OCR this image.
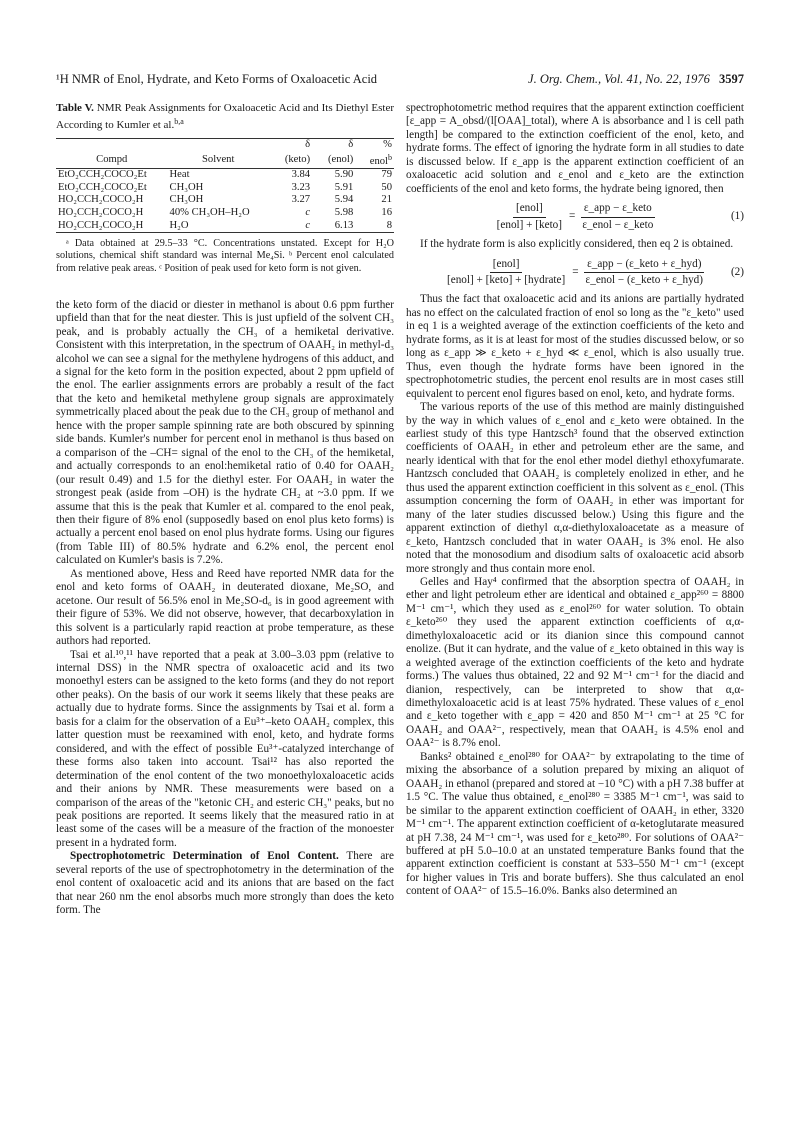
¹H NMR of Enol, Hydrate, and Keto Forms of Oxaloacetic Acid	J. Org. Chem., Vol. 41, No. 22, 1976 3597
Table V. NMR Peak Assignments for Oxaloacetic Acid and Its Diethyl Ester According to Kumler et al.$^{b,a}$
		δ	δ	%
Compd	Solvent	(keto)	(enol)	enol$^b$
EtO₂CCH₂COCO₂Et	Heat	3.84	5.90	79
EtO₂CCH₂COCO₂Et	CH₃OH	3.23	5.91	50
HO₂CCH₂COCO₂H	CH₃OH	3.27	5.94	21
HO₂CCH₂COCO₂H	40% CH₃OH–H₂O	c	5.98	16
HO₂CCH₂COCO₂H	H₂O	c	6.13	8
ᵃ Data obtained at 29.5–33 °C. Concentrations unstated. Except for H₂O solutions, chemical shift standard was internal Me₄Si. ᵇ Percent enol calculated from relative peak areas. ᶜ Position of peak used for keto form is not given.

the keto form of the diacid or diester in methanol is about 0.6 ppm further upfield than that for the neat diester. This is just upfield of the solvent CH₃ peak, and is probably actually the CH₃ of a hemiketal derivative. Consistent with this interpretation, in the spectrum of OAAH₂ in methyl-d₃ alcohol we can see a signal for the methylene hydrogens of this adduct, and a signal for the keto form in the position expected, about 2 ppm upfield of the enol. The earlier assignments errors are probably a result of the fact that the keto and hemiketal methylene group signals are approximately symmetrically placed about the peak due to the CH₃ group of methanol and hence with the proper sample spinning rate are both obscured by spinning side bands. Kumler's number for percent enol in methanol is thus based on a comparison of the –CH= signal of the enol to the CH₃ of the hemiketal, and actually corresponds to an enol:hemiketal ratio of 0.40 for OAAH₂ (our result 0.49) and 1.5 for the diethyl ester. For OAAH₂ in water the strongest peak (aside from –OH) is the hydrate CH₂ at ~3.0 ppm. If we assume that this is the peak that Kumler et al. compared to the enol peak, then their figure of 8% enol (supposedly based on enol plus keto forms) is actually a percent enol based on enol plus hydrate forms. Using our figures (from Table III) of 80.5% hydrate and 6.2% enol, the percent enol calculated on Kumler's basis is 7.2%.

As mentioned above, Hess and Reed have reported NMR data for the enol and keto forms of OAAH₂ in deuterated dioxane, Me₂SO, and acetone. Our result of 56.5% enol in Me₂SO-d₆ is in good agreement with their figure of 53%. We did not observe, however, that decarboxylation in this solvent is a particularly rapid reaction at probe temperature, as these authors had reported.

Tsai et al.¹⁰,¹¹ have reported that a peak at 3.00–3.03 ppm (relative to internal DSS) in the NMR spectra of oxaloacetic acid and its two monoethyl esters can be assigned to the keto forms (and they do not report other peaks). On the basis of our work it seems likely that these peaks are actually due to hydrate forms. Since the assignments by Tsai et al. form a basis for a claim for the observation of a Eu³⁺–keto OAAH₂ complex, this latter question must be reexamined with enol, keto, and hydrate forms considered, and with the effect of possible Eu³⁺-catalyzed interchange of these forms also taken into account. Tsai¹² has also reported the determination of the enol content of the two monoethyloxaloacetic acids and their anions by NMR. These measurements were based on a comparison of the areas of the "ketonic CH₂ and esteric CH₃" peaks, but no peak positions are reported. It seems likely that the measured ratio in at least some of the cases will be a measure of the fraction of the monoester present in a hydrated form.

Spectrophotometric Determination of Enol Content. There are several reports of the use of spectrophotometry in the determination of the enol content of oxaloacetic acid and its anions that are based on the fact that near 260 nm the enol absorbs much more strongly than does the keto form. The

spectrophotometric method requires that the apparent extinction coefficient [ε_app = A_obsd/(l[OAA]_total), where A is absorbance and l is cell path length] be compared to the extinction coefficient of the enol, keto, and hydrate forms. The effect of ignoring the hydrate form in all studies to date is discussed below. If ε_app is the apparent extinction coefficient of an oxaloacetic acid solution and ε_enol and ε_keto are the extinction coefficients of the enol and keto forms, the hydrate being ignored, then

$\frac{\text{[enol]}}{\text{[enol] + [keto]}} = \frac{\text{ε\_app − ε\_keto}}{\text{ε\_enol − ε\_keto}}$	(1)

If the hydrate form is also explicitly considered, then eq 2 is obtained.

$\frac{\text{[enol]}}{\text{[enol] + [keto] + [hydrate]}} = \frac{\text{ε\_app − (ε\_keto + ε\_hyd)}}{\text{ε\_enol − (ε\_keto + ε\_hyd)}} (2)$

Thus the fact that oxaloacetic acid and its anions are partially hydrated has no effect on the calculated fraction of enol so long as the "ε_keto" used in eq 1 is a weighted average of the extinction coefficients of the keto and hydrate forms, as it is at least for most of the studies discussed below, or so long as ε_app ≫ ε_keto + ε_hyd ≪ ε_enol, which is also usually true. Thus, even though the hydrate forms have been ignored in the spectrophotometric studies, the percent enol results are in most cases still equivalent to percent enol figures based on enol, keto, and hydrate forms.

The various reports of the use of this method are mainly distinguished by the way in which values of ε_enol and ε_keto were obtained. In the earliest study of this type Hantzsch³ found that the observed extinction coefficients of OAAH₂ in ether and petroleum ether are the same, and nearly identical with that for the enol ether model diethyl ethoxyfumarate. Hantzsch concluded that OAAH₂ is completely enolized in ether, and he thus used the apparent extinction coefficient in this solvent as ε_enol. (This assumption concerning the form of OAAH₂ in ether was important for many of the later studies discussed below.) Using this figure and the apparent extinction of diethyl α,α-diethyloxaloacetate as a measure of ε_keto, Hantzsch concluded that in water OAAH₂ is 3% enol. He also noted that the monosodium and disodium salts of oxaloacetic acid absorb more strongly and thus contain more enol.

Gelles and Hay⁴ confirmed that the absorption spectra of OAAH₂ in ether and light petroleum ether are identical and obtained ε_app²⁶⁰ = 8800 M⁻¹ cm⁻¹, which they used as ε_enol²⁶⁰ for water solution. To obtain ε_keto²⁶⁰ they used the apparent extinction coefficients of α,α-dimethyloxaloacetic acid or its dianion since this compound cannot enolize. (But it can hydrate, and the value of ε_keto obtained in this way is a weighted average of the extinction coefficients of the keto and hydrate forms.) The values thus obtained, 22 and 92 M⁻¹ cm⁻¹ for the diacid and dianion, respectively, can be interpreted to show that α,α-dimethyloxaloacetic acid is at least 75% hydrated. These values of ε_enol and ε_keto together with ε_app = 420 and 850 M⁻¹ cm⁻¹ at 25 °C for OAAH₂ and OAA²⁻, respectively, mean that OAAH₂ is 4.5% enol and OAA²⁻ is 8.7% enol.

Banks² obtained ε_enol²⁸⁰ for OAA²⁻ by extrapolating to the time of mixing the absorbance of a solution prepared by mixing an aliquot of OAAH₂ in ethanol (prepared and stored at −10 °C) with a pH 7.38 buffer at 1.5 °C. The value thus obtained, ε_enol²⁸⁰ = 3385 M⁻¹ cm⁻¹, was said to be similar to the apparent extinction coefficient of OAAH₂ in ether, 3320 M⁻¹ cm⁻¹. The apparent extinction coefficient of α-ketoglutarate measured at pH 7.38, 24 M⁻¹ cm⁻¹, was used for ε_keto²⁸⁰. For solutions of OAA²⁻ buffered at pH 5.0–10.0 at an unstated temperature Banks found that the apparent extinction coefficient is constant at 533–550 M⁻¹ cm⁻¹ (except for higher values in Tris and borate buffers). She thus calculated an enol content of OAA²⁻ of 15.5–16.0%. Banks also determined an
